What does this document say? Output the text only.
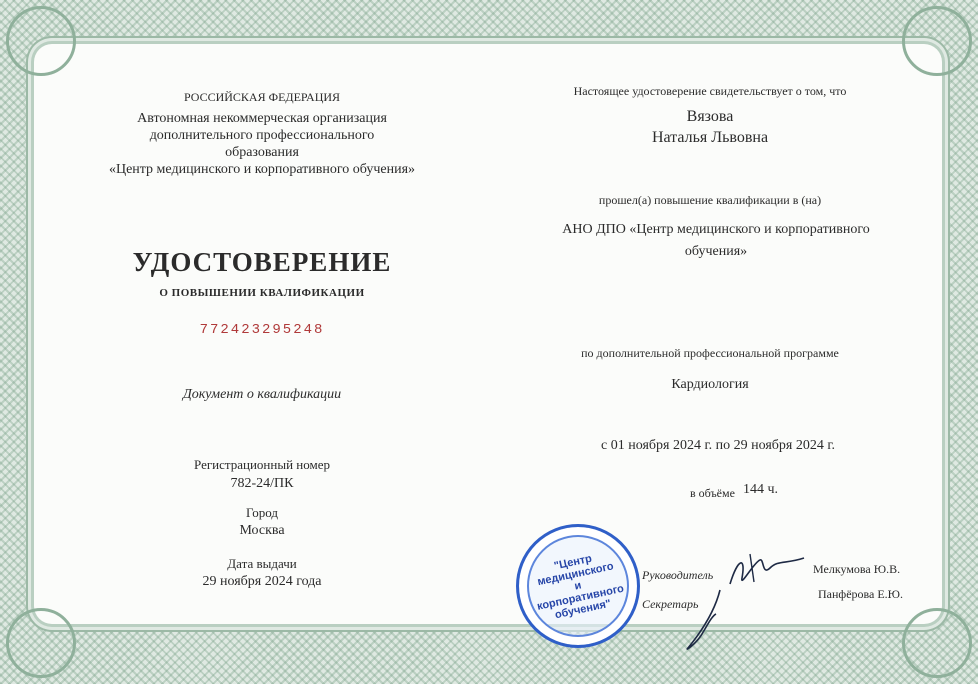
РОССИЙСКАЯ ФЕДЕРАЦИЯ
Автономная некоммерческая организация
дополнительного профессионального
образования
«Центр медицинского и корпоративного обучения»
УДОСТОВЕРЕНИЕ
О ПОВЫШЕНИИ КВАЛИФИКАЦИИ
772423295248
Документ о квалификации
Регистрационный номер
782-24/ПК
Город
Москва
Дата выдачи
29 ноября 2024 года
Настоящее удостоверение свидетельствует о том, что
Вязова
Наталья Львовна
прошел(а) повышение квалификации в (на)
АНО ДПО «Центр медицинского и корпоративного
обучения»
по дополнительной профессиональной программе
Кардиология
с 01 ноября 2024 г. по 29 ноября 2024 г.
в объёме 144 ч.
Руководитель	Мелкумова Ю.В.
Секретарь
Панфёрова Е.Ю.
"Центр
медицинского
и корпоративного
обучения"
